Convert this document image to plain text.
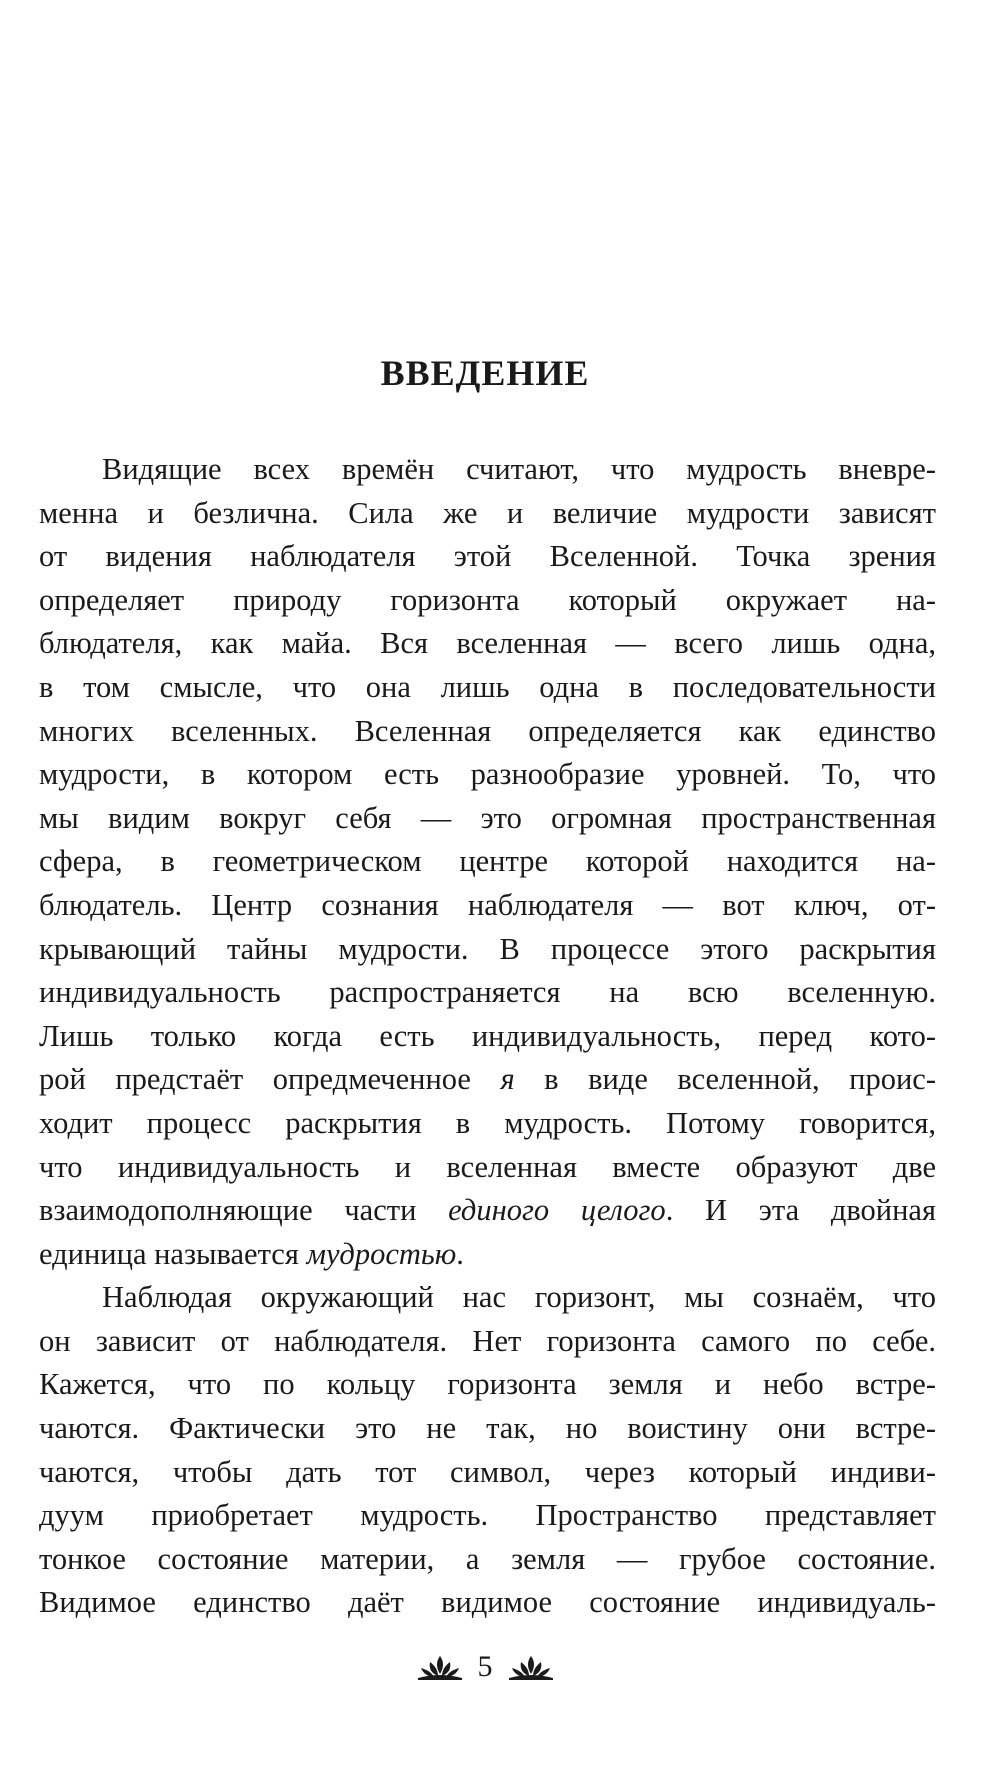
ВВЕДЕНИЕ
Видящие всех времён считают, что мудрость вневре-
менна и безлична. Сила же и величие мудрости зависят
от видения наблюдателя этой Вселенной. Точка зрения
определяет природу горизонта который окружает на-
блюдателя, как майа. Вся вселенная — всего лишь одна,
в том смысле, что она лишь одна в последовательности
многих вселенных. Вселенная определяется как единство
мудрости, в котором есть разнообразие уровней. То, что
мы видим вокруг себя — это огромная пространственная
сфера, в геометрическом центре которой находится на-
блюдатель. Центр сознания наблюдателя — вот ключ, от-
крывающий тайны мудрости. В процессе этого раскрытия
индивидуальность распространяется на всю вселенную.
Лишь только когда есть индивидуальность, перед кото-
рой предстаёт опредмеченное я в виде вселенной, проис-
ходит процесс раскрытия в мудрость. Потому говорится,
что индивидуальность и вселенная вместе образуют две
взаимодополняющие части единого целого. И эта двойная
единица называется мудростью.
Наблюдая окружающий нас горизонт, мы сознаём, что
он зависит от наблюдателя. Нет горизонта самого по себе.
Кажется, что по кольцу горизонта земля и небо встре-
чаются. Фактически это не так, но воистину они встре-
чаются, чтобы дать тот символ, через который индиви-
дуум приобретает мудрость. Пространство представляет
тонкое состояние материи, а земля — грубое состояние.
Видимое единство даёт видимое состояние индивидуаль-
5
